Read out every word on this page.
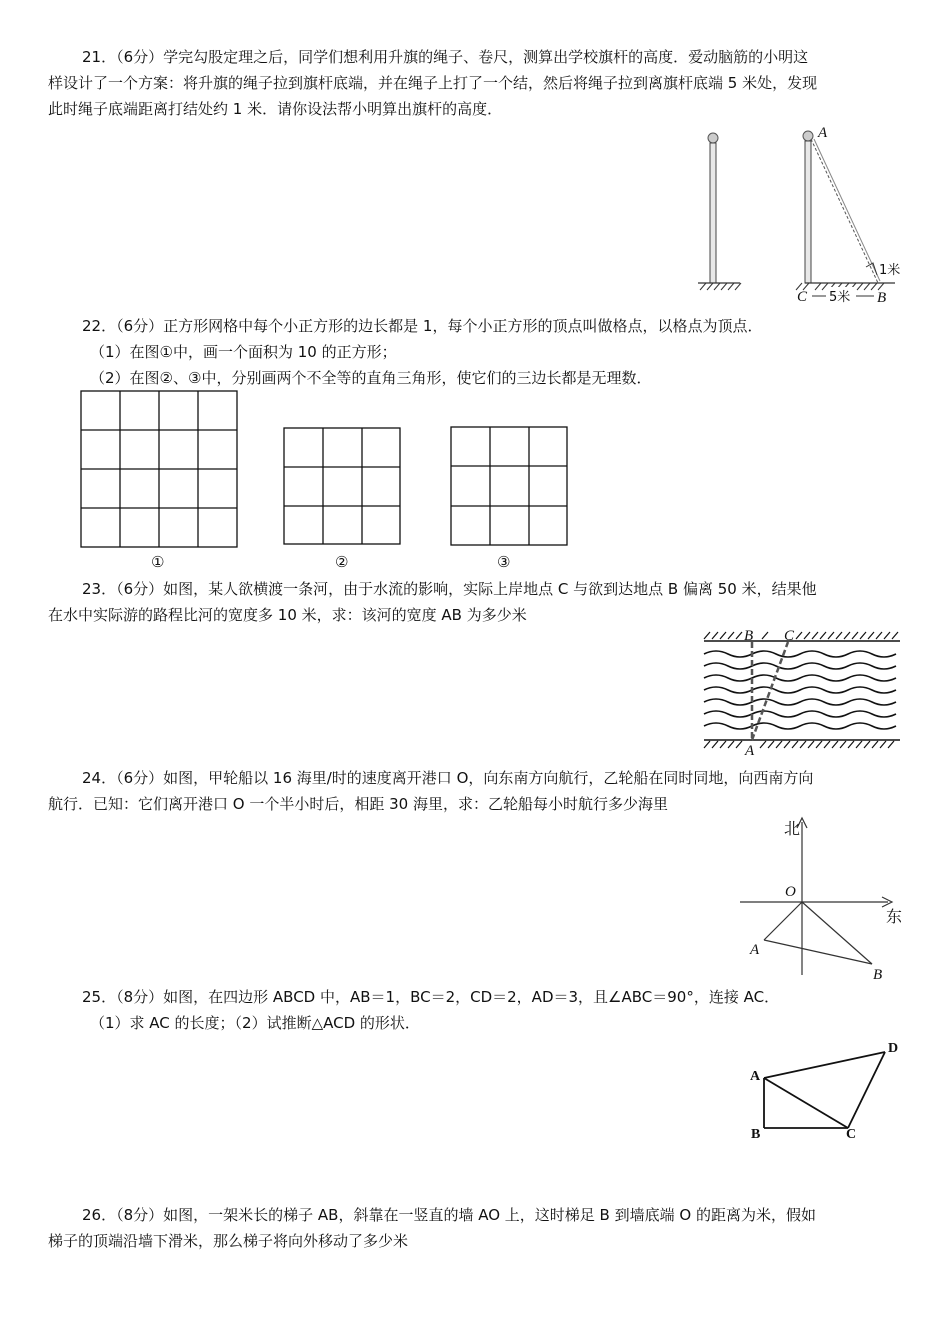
21．（6分）学完勾股定理之后，同学们想利用升旗的绳子、卷尺，测算出学校旗杆的高度．爱动脑筋的小明这
样设计了一个方案：将升旗的绳子拉到旗杆底端，并在绳子上打了一个结，然后将绳子拉到离旗杆底端 5 米处，发现
此时绳子底端距离打结处约 1 米．请你设法帮小明算出旗杆的高度．
A
C	B
1米
5米
22．（6分）正方形网格中每个小正方形的边长都是 1，每个小正方形的顶点叫做格点，以格点为顶点．
（1）在图①中，画一个面积为 10 的正方形；
（2）在图②、③中，分别画两个不全等的直角三角形，使它们的三边长都是无理数．
①	②	③
23．（6分）如图，某人欲横渡一条河，由于水流的影响，实际上岸地点 C 与欲到达地点 B 偏离 50 米，结果他
在水中实际游的路程比河的宽度多 10 米，求：该河的宽度 AB 为多少米
B C
A
24．（6分）如图，甲轮船以 16 海里/时的速度离开港口 O，向东南方向航行，乙轮船在同时同地，向西南方向
航行．已知：它们离开港口 O 一个半小时后，相距 30 海里，求：乙轮船每小时航行多少海里
北
东
O
A
B
25．（8分）如图，在四边形 ABCD 中，AB＝1，BC＝2，CD＝2，AD＝3，且∠ABC＝90°，连接 AC．
（1）求 AC 的长度；（2）试推断△ACD 的形状．
A
B	C
D
26．（8分）如图，一架米长的梯子 AB，斜靠在一竖直的墙 AO 上，这时梯足 B 到墙底端 O 的距离为米，假如
梯子的顶端沿墙下滑米，那么梯子将向外移动了多少米
